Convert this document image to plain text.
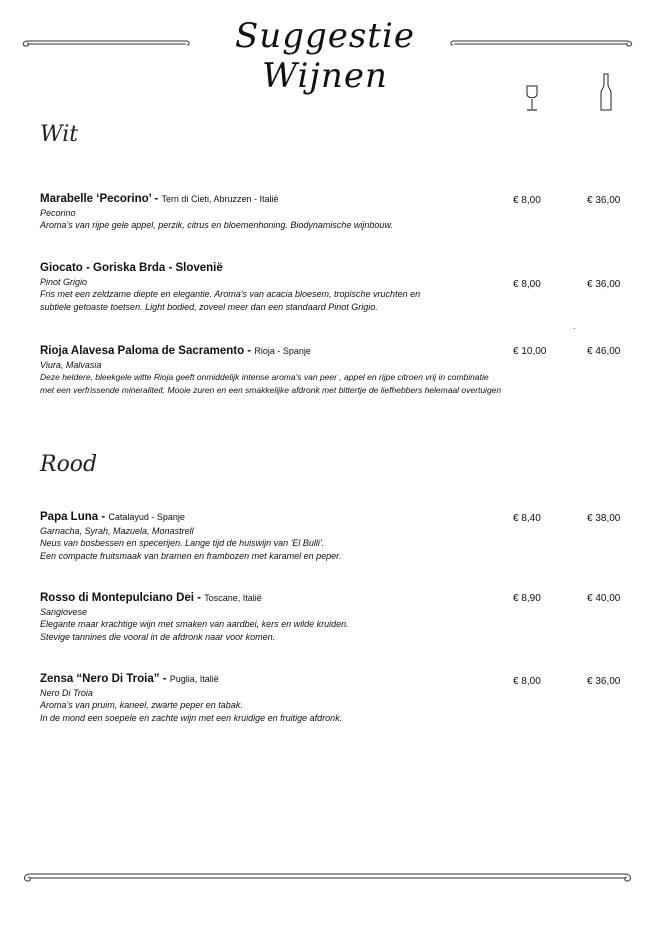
Suggestie Wijnen
Wit
Marabelle ‘Pecorino’ - Terri di Cieti, Abruzzen - Italië
Pecorino
Aroma's van rijpe gele appel, perzik, citrus en bloemenhoning. Biodynamische wijnbouw.
€ 8,00	€ 36,00
Giocato - Goriska Brda - Slovenië
Pinot Grigio
Fris met een zeldzame diepte en elegantie. Aroma's van acacia bloesem, tropische vruchten en
subtiele getoaste toetsen. Light bodied, zoveel meer dan een standaard Pinot Grigio.
€ 8,00	€ 36,00
-
Rioja Alavesa Paloma de Sacramento - Rioja - Spanje
Viura, Malvasia
Deze heldere, bleekgele witte Rioja geeft onmiddelijk intense aroma's van peer , appel en rijpe citroen vrij in combinatie
met een verfrissende mineraliteit. Mooie zuren en een smakkelijke afdronk met bittertje de liefhebbers helemaal overtuigen
€ 10,00	€ 46,00
Rood
Papa Luna - Catalayud - Spanje
Garnacha, Syrah, Mazuela, Monastrell
Neus van bosbessen en specerijen. Lange tijd de huiswijn van 'El Bulli'.
Een compacte fruitsmaak van bramen en frambozen met karamel en peper.
€ 8,40	€ 38,00
Rosso di Montepulciano Dei - Toscane, Italië
Sangiovese
Elegante maar krachtige wijn met smaken van aardbei, kers en wilde kruiden.
Stevige tannines die vooral in de afdronk naar voor komen.
€ 8,90	€ 40,00
Zensa “Nero Di Troia” - Puglia, Italië
Nero Di Troia
Aroma's van pruim, kaneel, zwarte peper en tabak.
In de mond een soepele en zachte wijn met een kruidige en fruitige afdronk.
€ 8,00	€ 36,00
